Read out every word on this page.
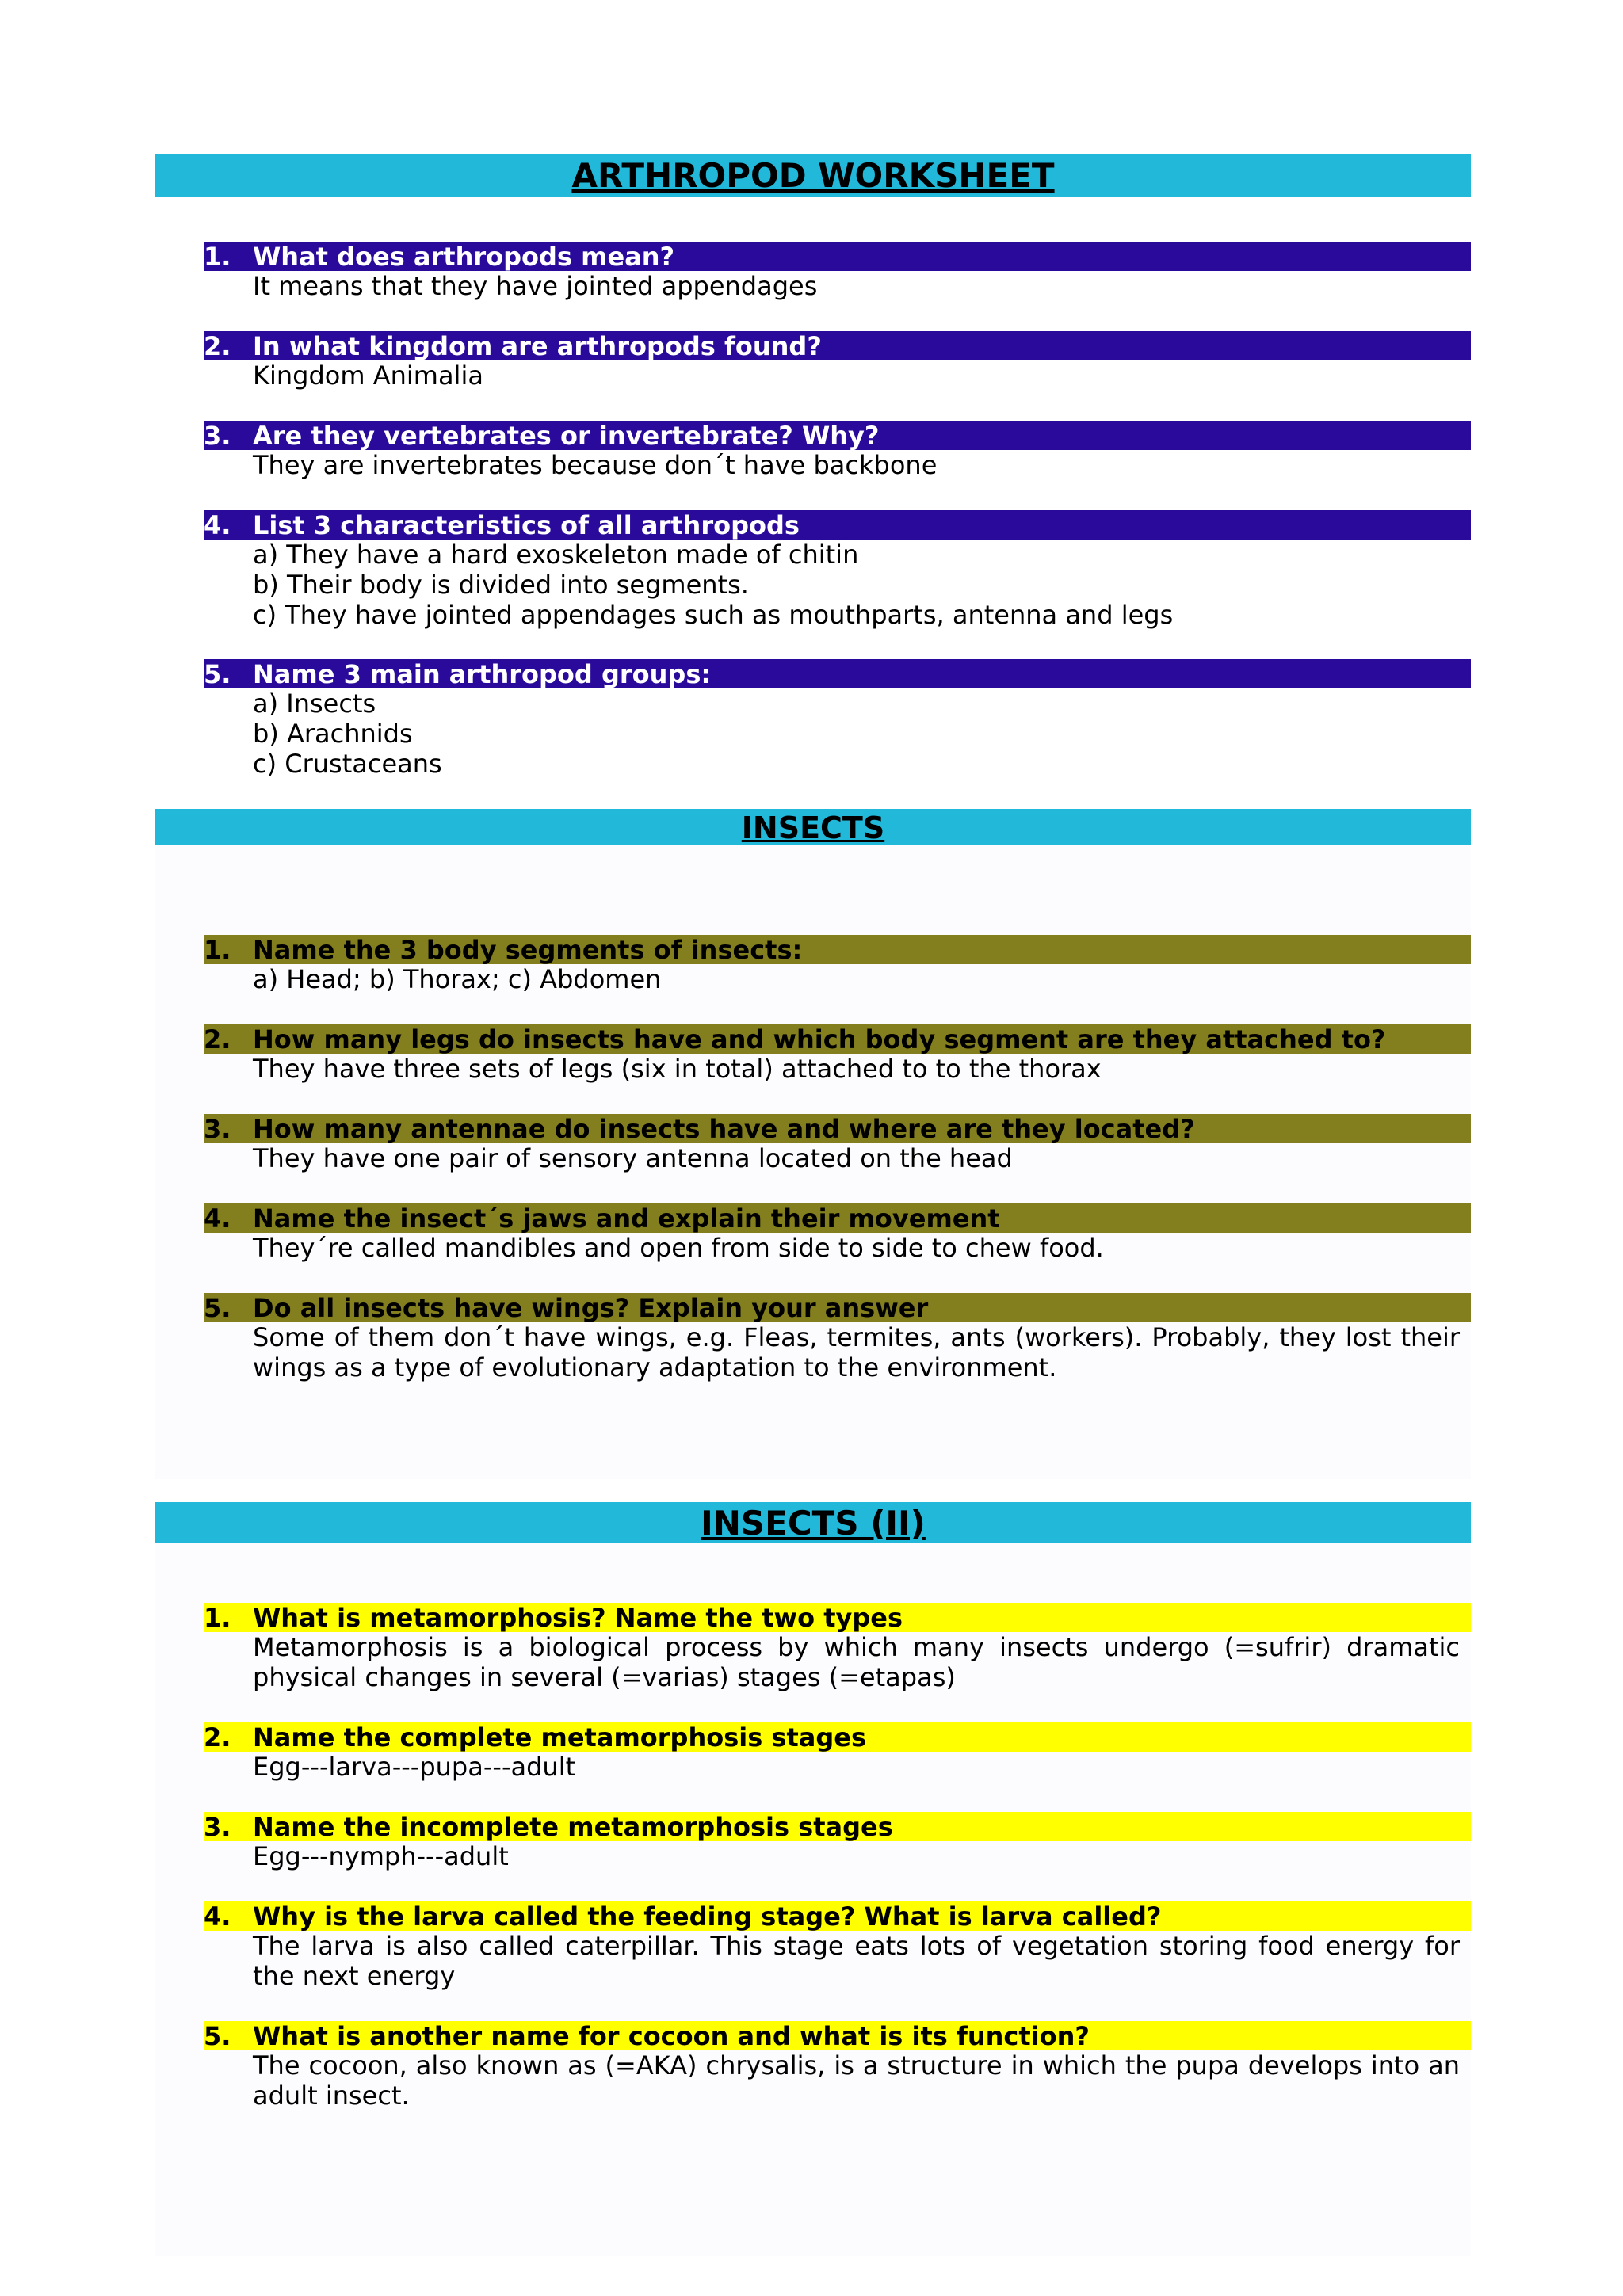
ARTHROPOD WORKSHEET
1. What does arthropods mean?
It means that they have jointed appendages
2. In what kingdom are arthropods found?
Kingdom Animalia
3. Are they vertebrates or invertebrate? Why?
They are invertebrates because don´t have backbone
4. List 3 characteristics of all arthropods
a) They have a hard exoskeleton made of chitin
b) Their body is divided into segments.
c) They have jointed appendages such as mouthparts, antenna and legs
5. Name 3 main arthropod groups:
a) Insects
b) Arachnids
c) Crustaceans
INSECTS
1. Name the 3 body segments of insects:
a) Head; b) Thorax; c) Abdomen
2. How many legs do insects have and which body segment are they attached to?
They have three sets of legs (six in total) attached to to the thorax
3. How many antennae do insects have and where are they located?
They have one pair of sensory antenna located on the head
4. Name the insect´s jaws and explain their movement
They´re called mandibles and open from side to side to chew food.
5. Do all insects have wings? Explain your answer
Some of them don´t have wings, e.g. Fleas, termites, ants (workers). Probably, they lost their wings as a type of evolutionary adaptation to the environment.
INSECTS (II)
1. What is metamorphosis? Name the two types
Metamorphosis is a biological process by which many insects undergo (=sufrir) dramatic physical changes in several (=varias) stages (=etapas)
2. Name the complete metamorphosis stages
Egg---larva---pupa---adult
3. Name the incomplete metamorphosis stages
Egg---nymph---adult
4. Why is the larva called the feeding stage? What is larva called?
The larva is also called caterpillar. This stage eats lots of vegetation storing food energy for the next energy
5. What is another name for cocoon and what is its function?
The cocoon, also known as (=AKA) chrysalis, is a structure in which the pupa develops into an adult insect.
